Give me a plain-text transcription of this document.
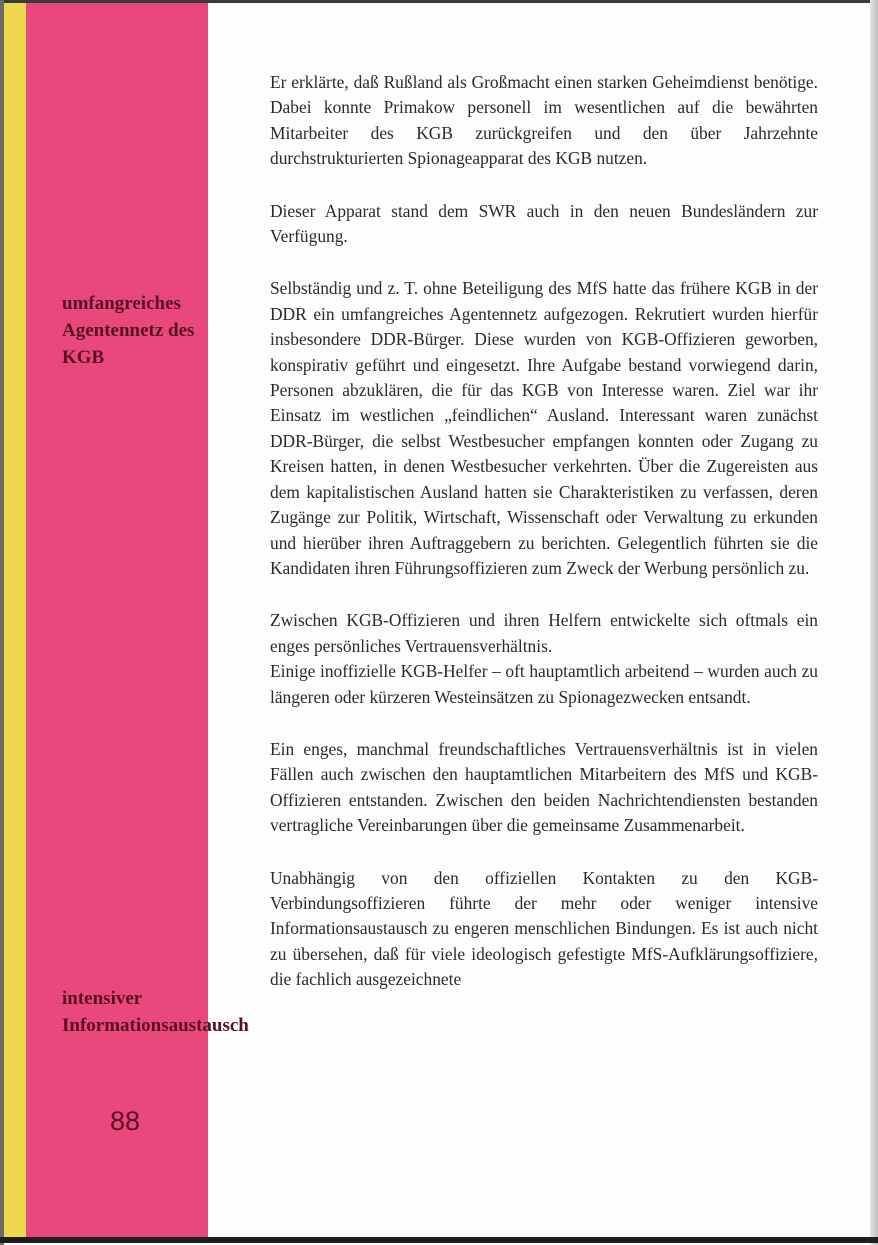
umfangreiches Agentennetz des KGB

intensiver Informationsaustausch

88

Er erklärte, daß Rußland als Großmacht einen starken Geheimdienst benötige. Dabei konnte Primakow personell im wesentlichen auf die bewährten Mitarbeiter des KGB zurückgreifen und den über Jahrzehnte durchstrukturierten Spionageapparat des KGB nutzen.

Dieser Apparat stand dem SWR auch in den neuen Bundesländern zur Verfügung.

Selbständig und z. T. ohne Beteiligung des MfS hatte das frühere KGB in der DDR ein umfangreiches Agentennetz aufgezogen. Rekrutiert wurden hierfür insbesondere DDR-Bürger. Diese wurden von KGB-Offizieren geworben, konspirativ geführt und eingesetzt. Ihre Aufgabe bestand vorwiegend darin, Personen abzuklären, die für das KGB von Interesse waren. Ziel war ihr Einsatz im westlichen „feindlichen“ Ausland. Interessant waren zunächst DDR-Bürger, die selbst Westbesucher empfangen konnten oder Zugang zu Kreisen hatten, in denen Westbesucher verkehrten. Über die Zugereisten aus dem kapitalistischen Ausland hatten sie Charakteristiken zu verfassen, deren Zugänge zur Politik, Wirtschaft, Wissenschaft oder Verwaltung zu erkunden und hierüber ihren Auftraggebern zu berichten. Gelegentlich führten sie die Kandidaten ihren Führungsoffizieren zum Zweck der Werbung persönlich zu.

Zwischen KGB-Offizieren und ihren Helfern entwickelte sich oftmals ein enges persönliches Vertrauensverhältnis.

Einige inoffizielle KGB-Helfer – oft hauptamtlich arbeitend – wurden auch zu längeren oder kürzeren Westeinsätzen zu Spionagezwecken entsandt.

Ein enges, manchmal freundschaftliches Vertrauensverhältnis ist in vielen Fällen auch zwischen den hauptamtlichen Mitarbeitern des MfS und KGB-Offizieren entstanden. Zwischen den beiden Nachrichtendiensten bestanden vertragliche Vereinbarungen über die gemeinsame Zusammenarbeit.

Unabhängig von den offiziellen Kontakten zu den KGB-Verbindungsoffizieren führte der mehr oder weniger intensive Informationsaustausch zu engeren menschlichen Bindungen. Es ist auch nicht zu übersehen, daß für viele ideologisch gefestigte MfS-Aufklärungsoffiziere, die fachlich ausgezeichnete
